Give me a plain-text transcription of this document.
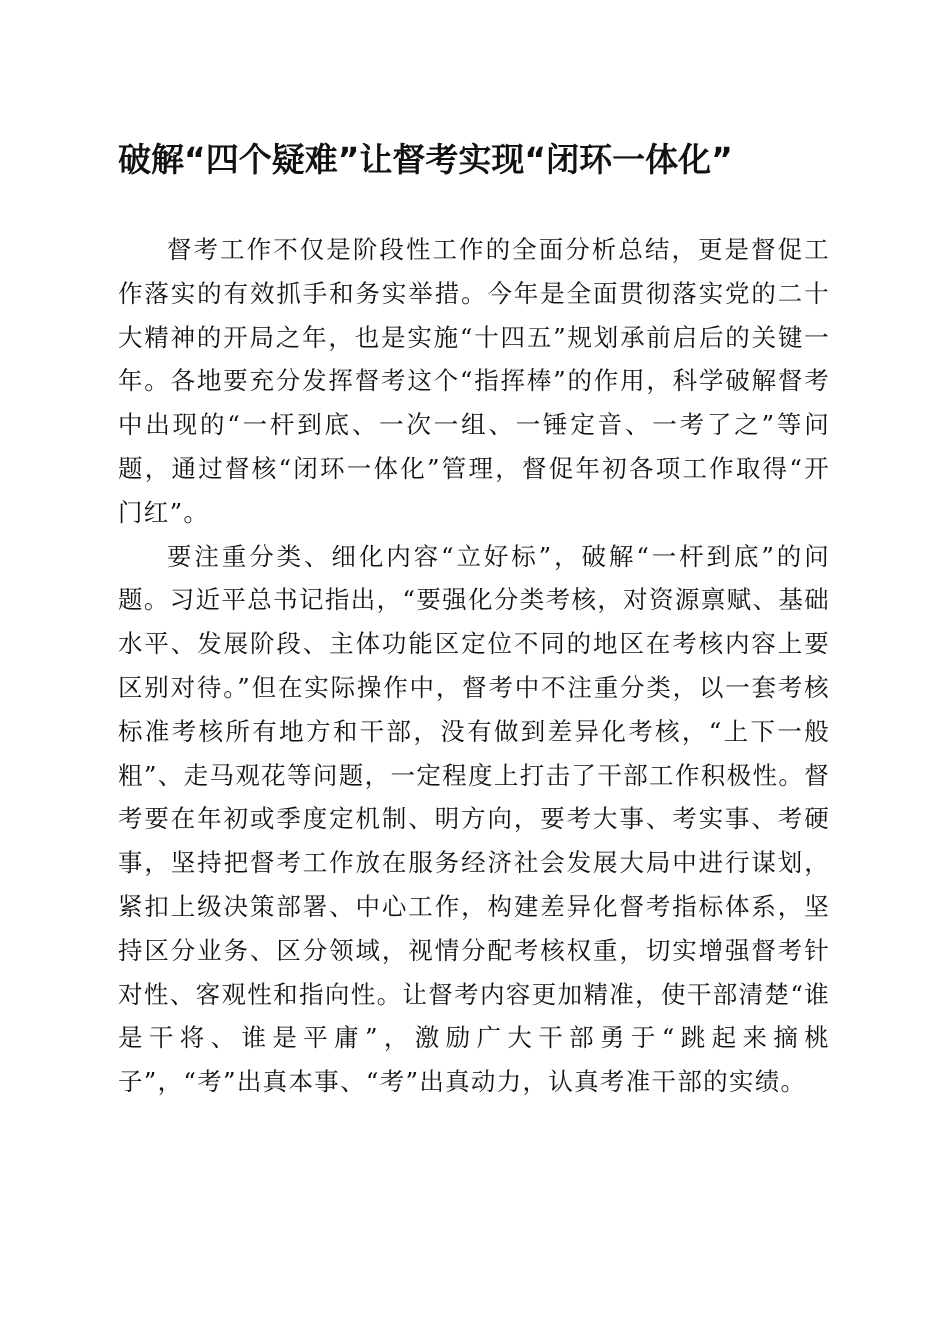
破解“四个疑难”让督考实现“闭环一体化”

督考工作不仅是阶段性工作的全面分析总结，更是督促工作落实的有效抓手和务实举措。今年是全面贯彻落实党的二十大精神的开局之年，也是实施“十四五”规划承前启后的关键一年。各地要充分发挥督考这个“指挥棒”的作用，科学破解督考中出现的“一杆到底、一次一组、一锤定音、一考了之”等问题，通过督核“闭环一体化”管理，督促年初各项工作取得“开门红”。

要注重分类、细化内容“立好标”，破解“一杆到底”的问题。习近平总书记指出，“要强化分类考核，对资源禀赋、基础水平、发展阶段、主体功能区定位不同的地区在考核内容上要区别对待。”但在实际操作中，督考中不注重分类，以一套考核标准考核所有地方和干部，没有做到差异化考核，“上下一般粗”、走马观花等问题，一定程度上打击了干部工作积极性。督考要在年初或季度定机制、明方向，要考大事、考实事、考硬事，坚持把督考工作放在服务经济社会发展大局中进行谋划，紧扣上级决策部署、中心工作，构建差异化督考指标体系，坚持区分业务、区分领域，视情分配考核权重，切实增强督考针对性、客观性和指向性。让督考内容更加精准，使干部清楚“谁是干将、谁是平庸”，激励广大干部勇于“跳起来摘桃子”，“考”出真本事、“考”出真动力，认真考准干部的实绩。
